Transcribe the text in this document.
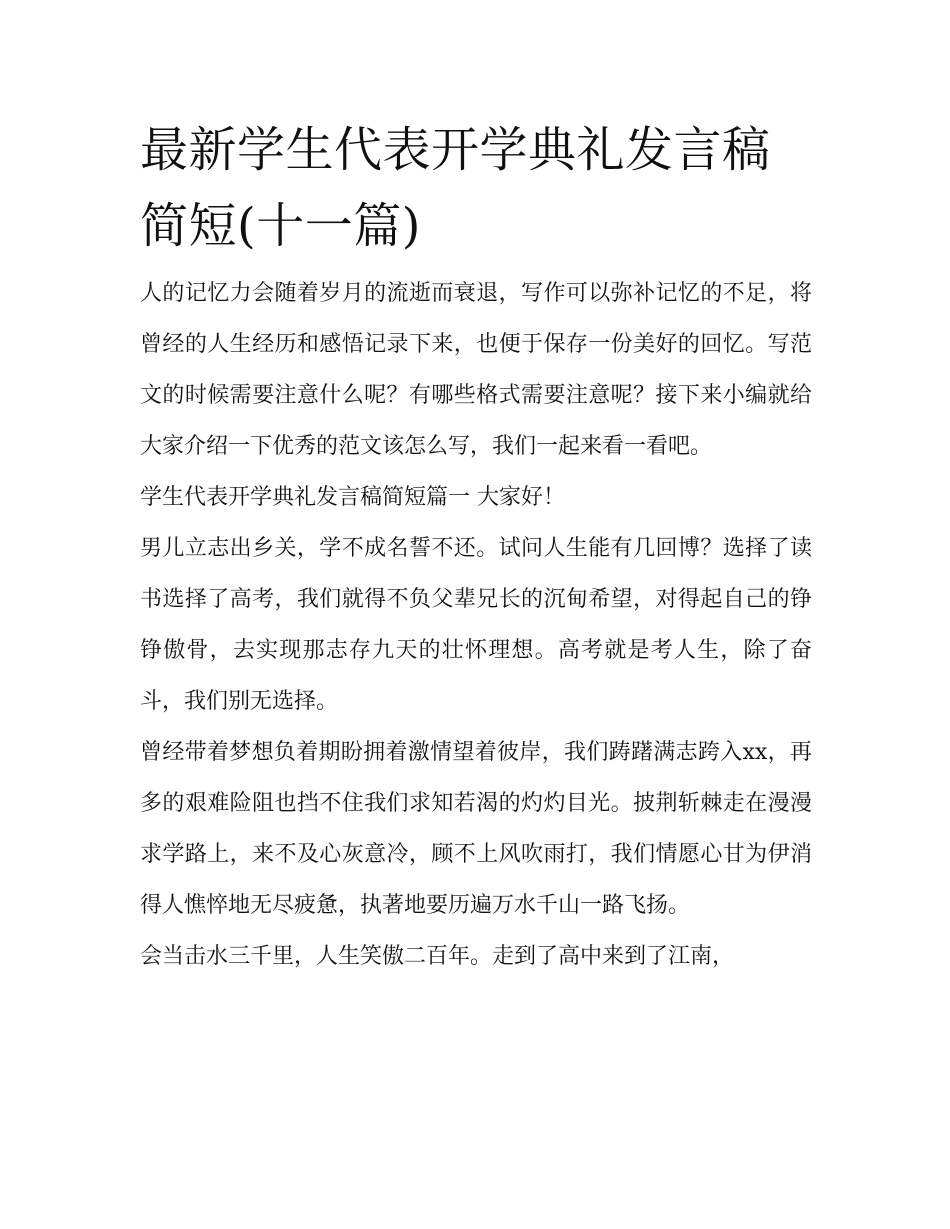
最新学生代表开学典礼发言稿简短(十一篇)

人的记忆力会随着岁月的流逝而衰退，写作可以弥补记忆的不足，将曾经的人生经历和感悟记录下来，也便于保存一份美好的回忆。写范文的时候需要注意什么呢？有哪些格式需要注意呢？接下来小编就给大家介绍一下优秀的范文该怎么写，我们一起来看一看吧。

学生代表开学典礼发言稿简短篇一 大家好！

男儿立志出乡关，学不成名誓不还。试问人生能有几回博？选择了读书选择了高考，我们就得不负父辈兄长的沉甸希望，对得起自己的铮铮傲骨，去实现那志存九天的壮怀理想。高考就是考人生，除了奋斗，我们别无选择。

曾经带着梦想负着期盼拥着激情望着彼岸，我们踌躇满志跨入xx，再多的艰难险阻也挡不住我们求知若渴的灼灼目光。披荆斩棘走在漫漫求学路上，来不及心灰意冷，顾不上风吹雨打，我们情愿心甘为伊消得人憔悴地无尽疲惫，执著地要历遍万水千山一路飞扬。

会当击水三千里，人生笑傲二百年。走到了高中来到了江南，
